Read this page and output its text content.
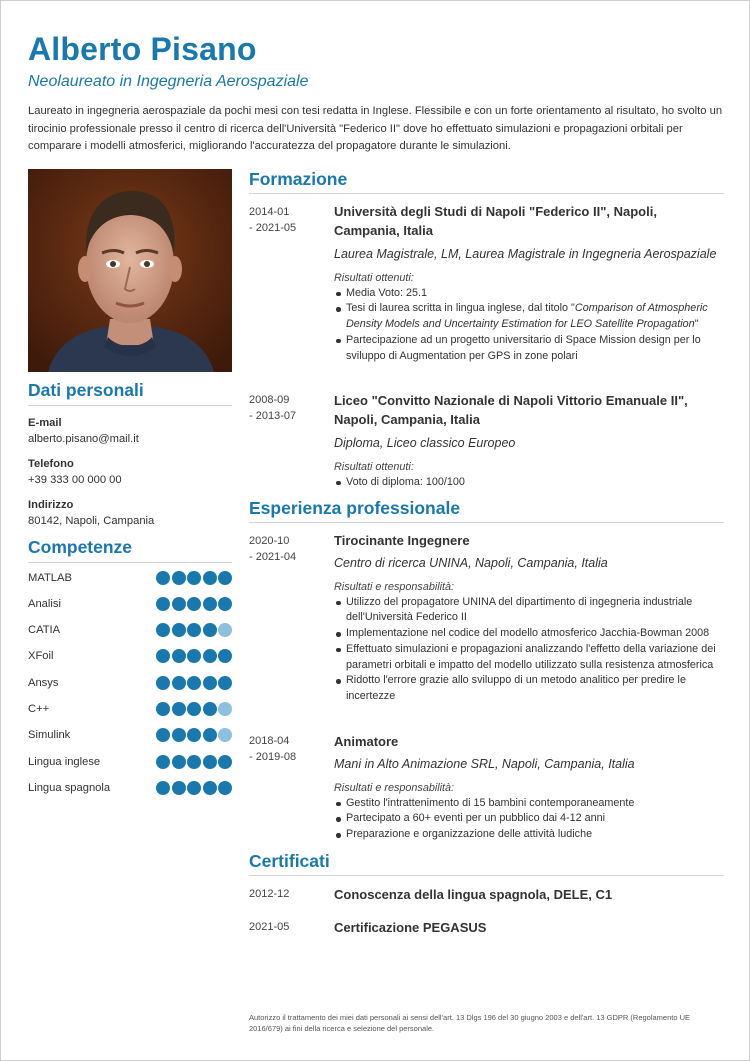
Alberto Pisano
Neolaureato in Ingegneria Aerospaziale
Laureato in ingegneria aerospaziale da pochi mesi con tesi redatta in Inglese. Flessibile e con un forte orientamento al risultato, ho svolto un tirocinio professionale presso il centro di ricerca dell'Università "Federico II" dove ho effettuato simulazioni e propagazioni orbitali per comparare i modelli atmosferici, migliorando l'accuratezza del propagatore durante le simulazioni.
Dati personali
E-mail
alberto.pisano@mail.it
Telefono
+39 333 00 000 00
Indirizzo
80142, Napoli, Campania
Competenze
MATLAB
Analisi
CATIA
XFoil
Ansys
C++
Simulink
Lingua inglese
Lingua spagnola
Formazione
2014-01
- 2021-05
Università degli Studi di Napoli "Federico II", Napoli, Campania, Italia
Laurea Magistrale, LM, Laurea Magistrale in Ingegneria Aerospaziale
Risultati ottenuti:
Media Voto: 25.1
Tesi di laurea scritta in lingua inglese, dal titolo "Comparison of Atmospheric Density Models and Uncertainty Estimation for LEO Satellite Propagation"
Partecipazione ad un progetto universitario di Space Mission design per lo sviluppo di Augmentation per GPS in zone polari
2008-09
- 2013-07
Liceo "Convitto Nazionale di Napoli Vittorio Emanuale II", Napoli, Campania, Italia
Diploma, Liceo classico Europeo
Risultati ottenuti:
Voto di diploma: 100/100
Esperienza professionale
2020-10
- 2021-04
Tirocinante Ingegnere
Centro di ricerca UNINA, Napoli, Campania, Italia
Risultati e responsabilità:
Utilizzo del propagatore UNINA del dipartimento di ingegneria industriale dell'Università Federico II
Implementazione nel codice del modello atmosferico Jacchia-Bowman 2008
Effettuato simulazioni e propagazioni analizzando l'effetto della variazione dei parametri orbitali e impatto del modello utilizzato sulla resistenza atmosferica
Ridotto l'errore grazie allo sviluppo di un metodo analitico per predire le incertezze
2018-04
- 2019-08
Animatore
Mani in Alto Animazione SRL, Napoli, Campania, Italia
Risultati e responsabilità:
Gestito l'intrattenimento di 15 bambini contemporaneamente
Partecipato a 60+ eventi per un pubblico dai 4-12 anni
Preparazione e organizzazione delle attività ludiche
Certificati
2012-12	Conoscenza della lingua spagnola, DELE, C1
2021-05	Certificazione PEGASUS
Autorizzo il trattamento dei miei dati personali ai sensi dell'art. 13 Dlgs 196 del 30 giugno 2003 e dell'art. 13 GDPR (Regolamento UE 2016/679) ai fini della ricerca e selezione del personale.
